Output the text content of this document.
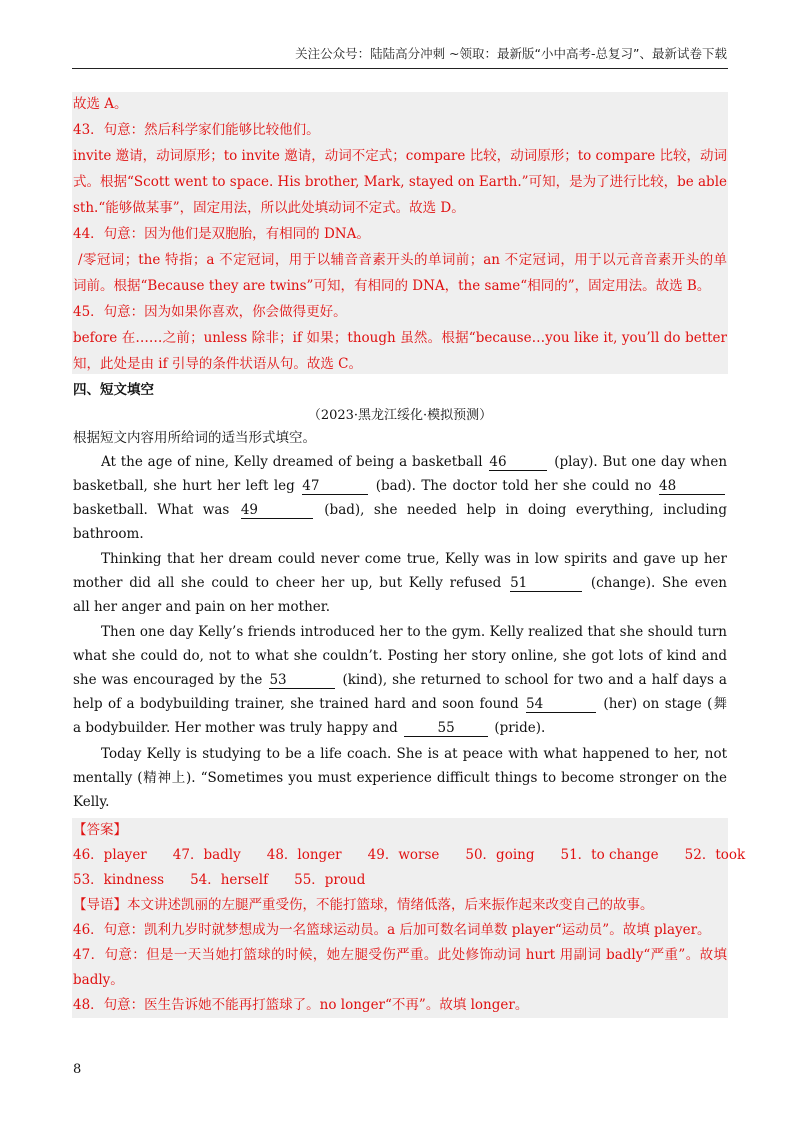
关注公众号：陆陆高分冲刺 ~领取：最新版“小中高考-总复习”、最新试卷下载
故选 A。
43．句意：然后科学家们能够比较他们。
invite 邀请，动词原形；to invite 邀请，动词不定式；compare 比较，动词原形；to compare 比较，动词
式。根据“Scott went to space. His brother, Mark, stayed on Earth.”可知，是为了进行比较，be able
sth.“能够做某事”，固定用法，所以此处填动词不定式。故选 D。
44．句意：因为他们是双胞胎，有相同的 DNA。
/零冠词；the 特指；a 不定冠词，用于以辅音音素开头的单词前；an 不定冠词，用于以元音音素开头的单
词前。根据“Because they are twins”可知，有相同的 DNA，the same“相同的”，固定用法。故选 B。
45．句意：因为如果你喜欢，你会做得更好。
before 在……之前；unless 除非；if 如果；though 虽然。根据“because…you like it, you’ll do better
知，此处是由 if 引导的条件状语从句。故选 C。
四、短文填空
（2023·黑龙江绥化·模拟预测）
根据短文内容用所给词的适当形式填空。
At the age of nine, Kelly dreamed of being a basketball 46	(play). But one day when
basketball, she hurt her left leg 47	(bad). The doctor told her she could no 48
basketball. What was 49	(bad), she needed help in doing everything, including
bathroom.
Thinking that her dream could never come true, Kelly was in low spirits and gave up her
mother did all she could to cheer her up, but Kelly refused 51	(change). She even
all her anger and pain on her mother.
Then one day Kelly’s friends introduced her to the gym. Kelly realized that she should turn
what she could do, not to what she couldn’t. Posting her story online, she got lots of kind and
she was encouraged by the 53	(kind), she returned to school for two and a half days a
help of a bodybuilding trainer, she trained hard and soon found 54	(her) on stage (舞
a bodybuilder. Her mother was truly happy and	55	(pride).
Today Kelly is studying to be a life coach. She is at peace with what happened to her, not
mentally (精神上). “Sometimes you must experience difficult things to become stronger on the
Kelly.
【答案】
46．player 47．badly 48．longer 49．worse 50．going 51．to change 52．took
53．kindness 54．herself 55．proud
【导语】本文讲述凯丽的左腿严重受伤，不能打篮球，情绪低落，后来振作起来改变自己的故事。
46．句意：凯利九岁时就梦想成为一名篮球运动员。a 后加可数名词单数 player“运动员”。故填 player。
47．句意：但是一天当她打篮球的时候，她左腿受伤严重。此处修饰动词 hurt 用副词 badly“严重”。故填
badly。
48．句意：医生告诉她不能再打篮球了。no longer“不再”。故填 longer。
8
